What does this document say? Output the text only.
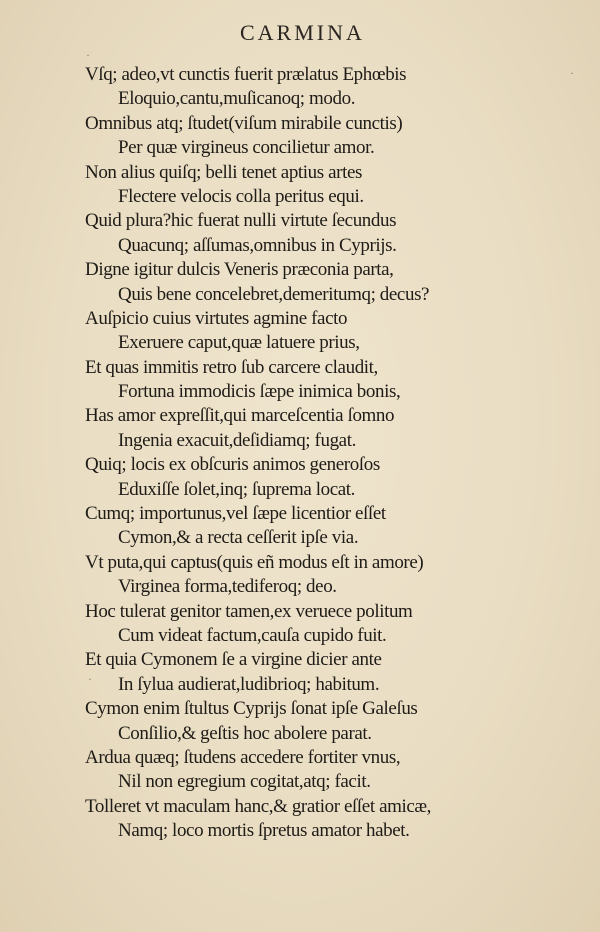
CARMINA
Vſq; adeo,vt cunctis fuerit prælatus Ephœbis
Eloquio,cantu,muſicanoq; modo.
Omnibus atq; ſtudet(viſum mirabile cunctis)
Per quæ virgineus concilietur amor.
Non alius quiſq; belli tenet aptius artes
Flectere velocis colla peritus equi.
Quid plura?hic fuerat nulli virtute ſecundus
Quacunq; aſſumas,omnibus in Cyprijs.
Digne igitur dulcis Veneris præconia parta,
Quis bene concelebret,demeritumq; decus?
Auſpicio cuius virtutes agmine facto
Exeruere caput,quæ latuere prius,
Et quas immitis retro ſub carcere claudit,
Fortuna immodicis ſæpe inimica bonis,
Has amor expreſſit,qui marceſcentia ſomno
Ingenia exacuit,deſidiamq; fugat.
Quiq; locis ex obſcuris animos generoſos
Eduxiſſe ſolet,inq; ſuprema locat.
Cumq; importunus,vel ſæpe licentior eſſet
Cymon,& a recta ceſſerit ipſe via.
Vt puta,qui captus(quis eñ modus eſt in amore)
Virginea forma,tediferoq; deo.
Hoc tulerat genitor tamen,ex veruece politum
Cum videat factum,cauſa cupido fuit.
Et quia Cymonem ſe a virgine dicier ante
In ſylua audierat,ludibrioq; habitum.
Cymon enim ſtultus Cyprijs ſonat ipſe Galeſus
Conſilio,& geſtis hoc abolere parat.
Ardua quæq; ſtudens accedere fortiter vnus,
Nil non egregium cogitat,atq; facit.
Tolleret vt maculam hanc,& gratior eſſet amicæ,
Namq; loco mortis ſpretus amator habet.
·
·
·
